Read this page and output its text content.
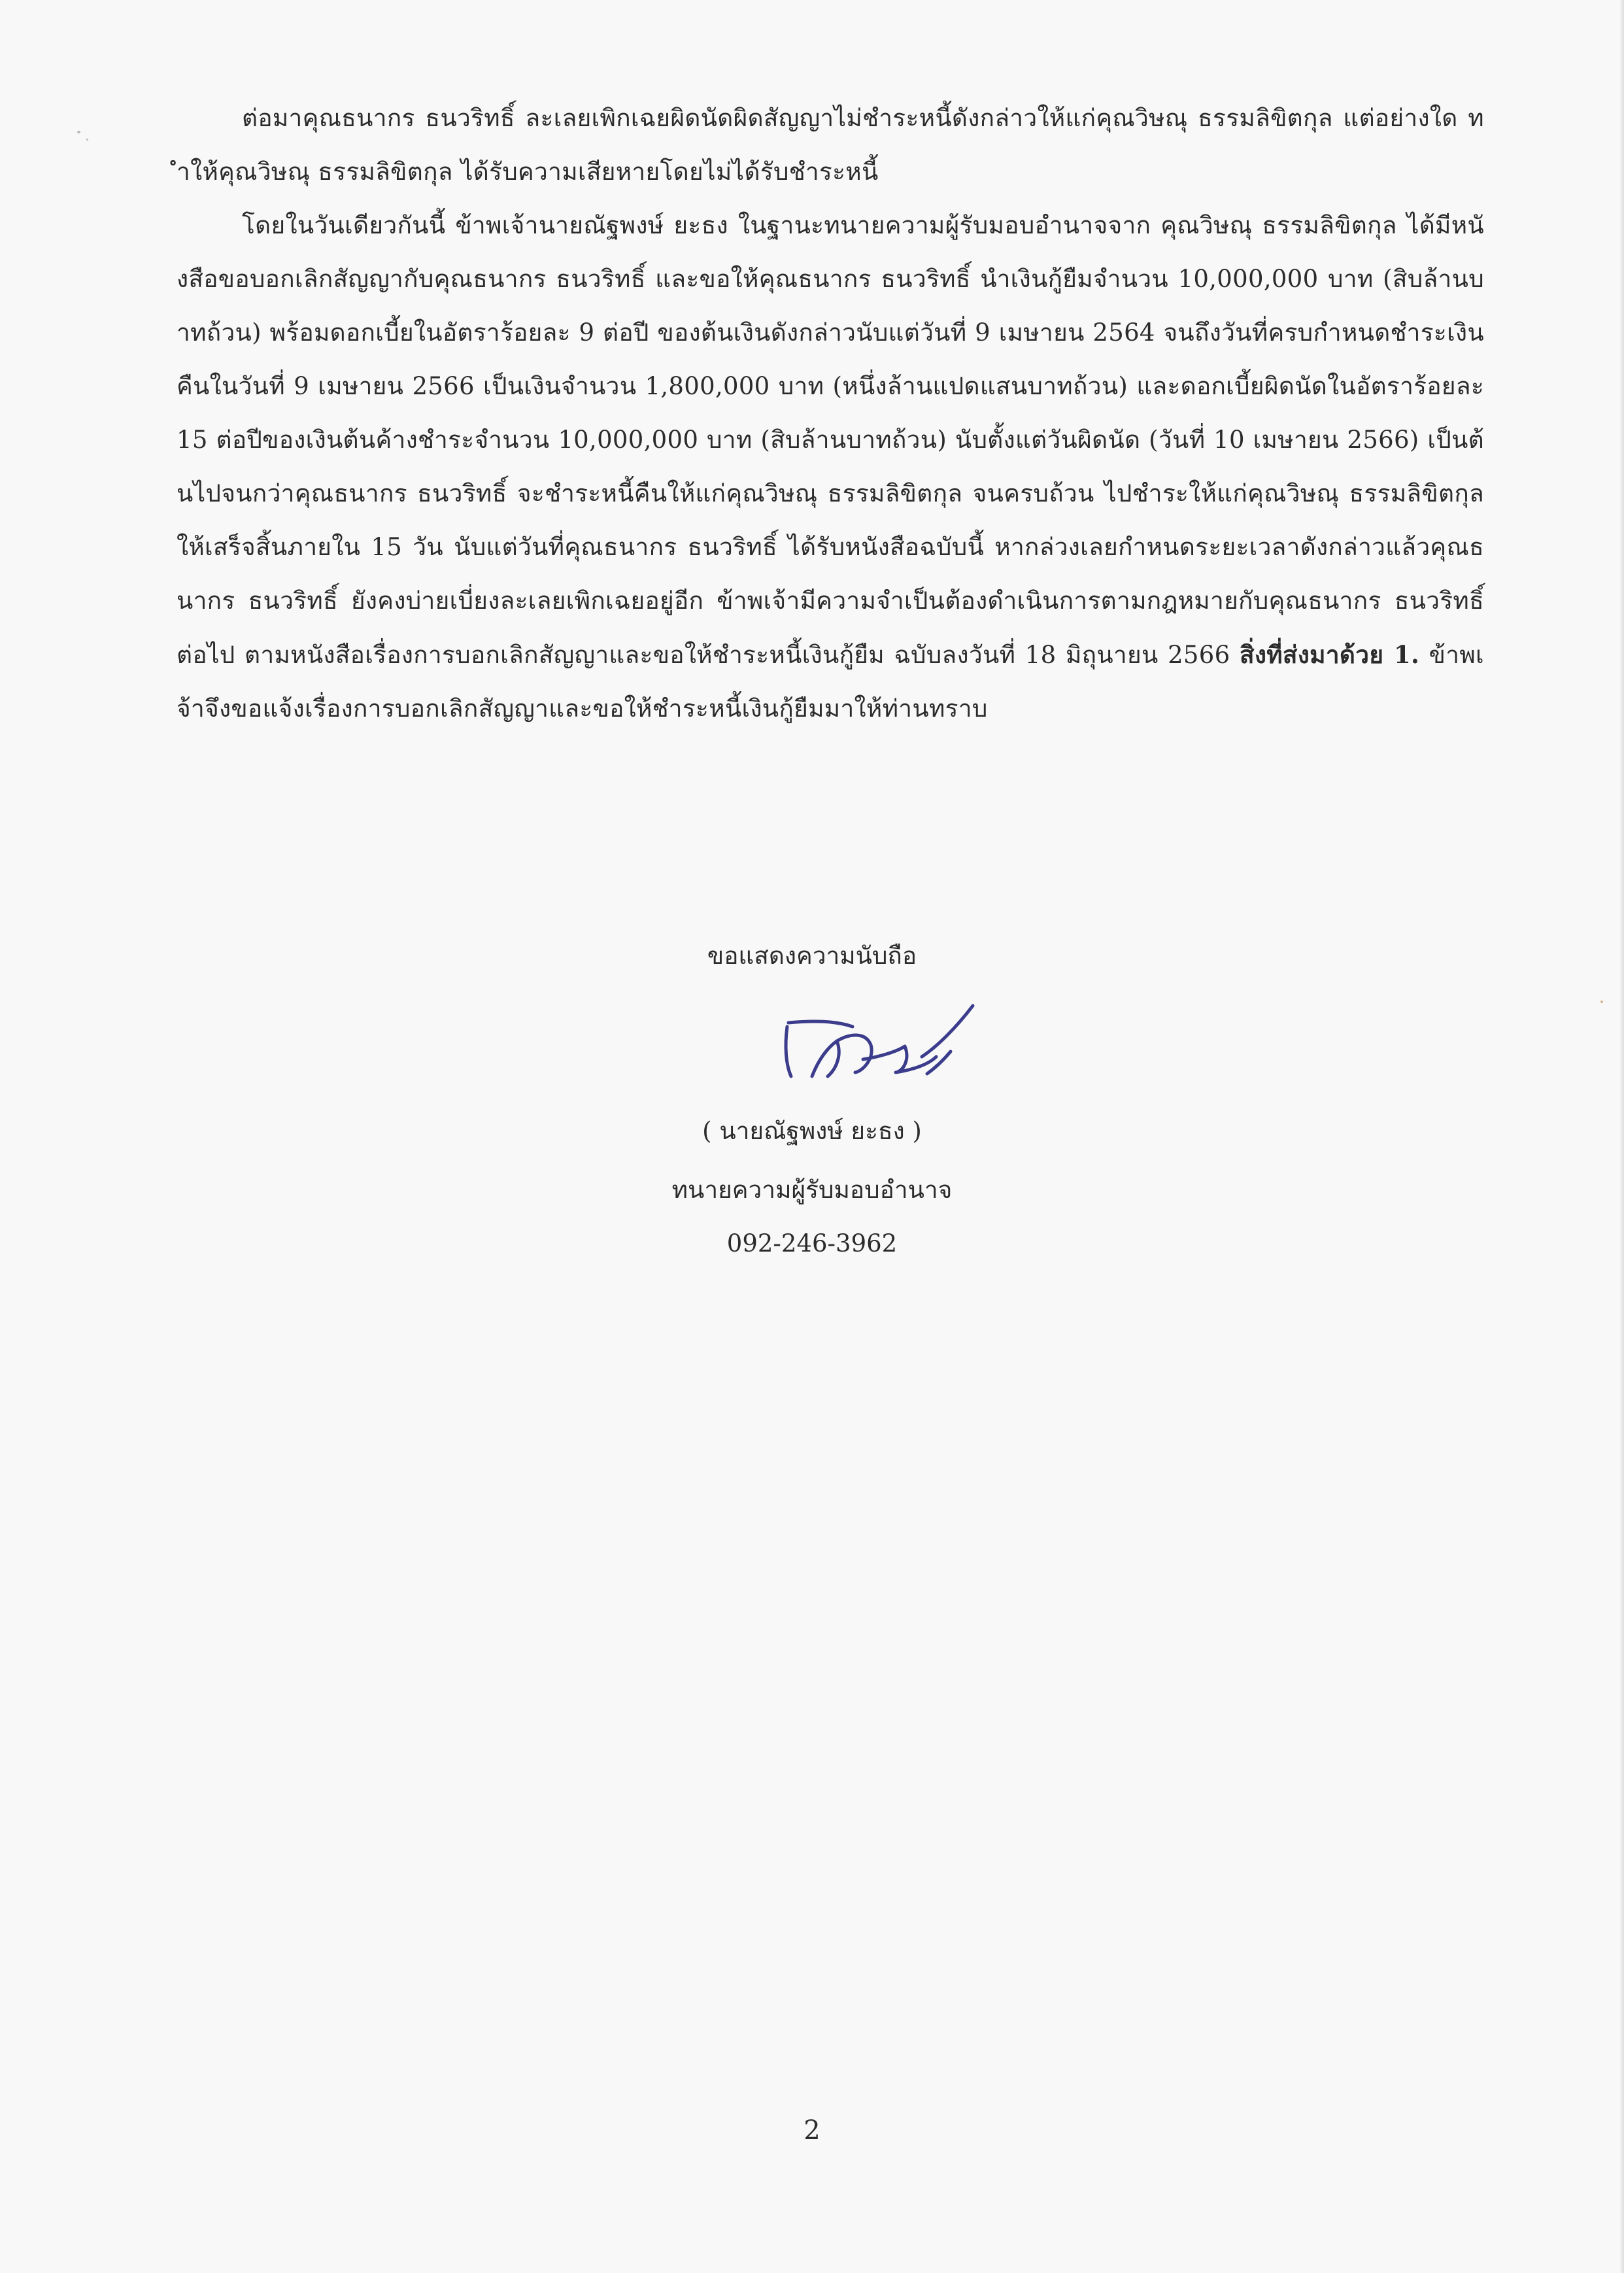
ต่อมาคุณธนากร ธนวริทธิ์ ละเลยเพิกเฉยผิดนัดผิดสัญญาไม่ชำระหนี้ดังกล่าวให้แก่คุณวิษณุ ธรรมลิขิตกุล แต่อย่างใด ทำให้คุณวิษณุ ธรรมลิขิตกุล ได้รับความเสียหายโดยไม่ได้รับชำระหนี้

โดยในวันเดียวกันนี้ ข้าพเจ้านายณัฐพงษ์ ยะธง ในฐานะทนายความผู้รับมอบอำนาจจาก คุณวิษณุ ธรรมลิขิตกุล ได้มีหนังสือขอบอกเลิกสัญญากับคุณธนากร ธนวริทธิ์ และขอให้คุณธนากร ธนวริทธิ์ นำเงินกู้ยืมจำนวน 10,000,000 บาท (สิบล้านบาทถ้วน) พร้อมดอกเบี้ยในอัตราร้อยละ 9 ต่อปี ของต้นเงินดังกล่าวนับแต่วันที่ 9 เมษายน 2564 จนถึงวันที่ครบกำหนดชำระเงินคืนในวันที่ 9 เมษายน 2566 เป็นเงินจำนวน 1,800,000 บาท (หนึ่งล้านแปดแสนบาทถ้วน) และดอกเบี้ยผิดนัดในอัตราร้อยละ 15 ต่อปีของเงินต้นค้างชำระจำนวน 10,000,000 บาท (สิบล้านบาทถ้วน) นับตั้งแต่วันผิดนัด (วันที่ 10 เมษายน 2566) เป็นต้นไปจนกว่าคุณธนากร ธนวริทธิ์ จะชำระหนี้คืนให้แก่คุณวิษณุ ธรรมลิขิตกุล จนครบถ้วน ไปชำระให้แก่คุณวิษณุ ธรรมลิขิตกุล ให้เสร็จสิ้นภายใน 15 วัน นับแต่วันที่คุณธนากร ธนวริทธิ์ ได้รับหนังสือฉบับนี้ หากล่วงเลยกำหนดระยะเวลาดังกล่าวแล้วคุณธนากร ธนวริทธิ์ ยังคงบ่ายเบี่ยงละเลยเพิกเฉยอยู่อีก ข้าพเจ้ามีความจำเป็นต้องดำเนินการตามกฎหมายกับคุณธนากร ธนวริทธิ์ ต่อไป ตามหนังสือเรื่องการบอกเลิกสัญญาและขอให้ชำระหนี้เงินกู้ยืม ฉบับลงวันที่ 18 มิถุนายน 2566 สิ่งที่ส่งมาด้วย 1. ข้าพเจ้าจึงขอแจ้งเรื่องการบอกเลิกสัญญาและขอให้ชำระหนี้เงินกู้ยืมมาให้ท่านทราบ

ขอแสดงความนับถือ
( นายณัฐพงษ์ ยะธง )
ทนายความผู้รับมอบอำนาจ
092-246-3962
2
